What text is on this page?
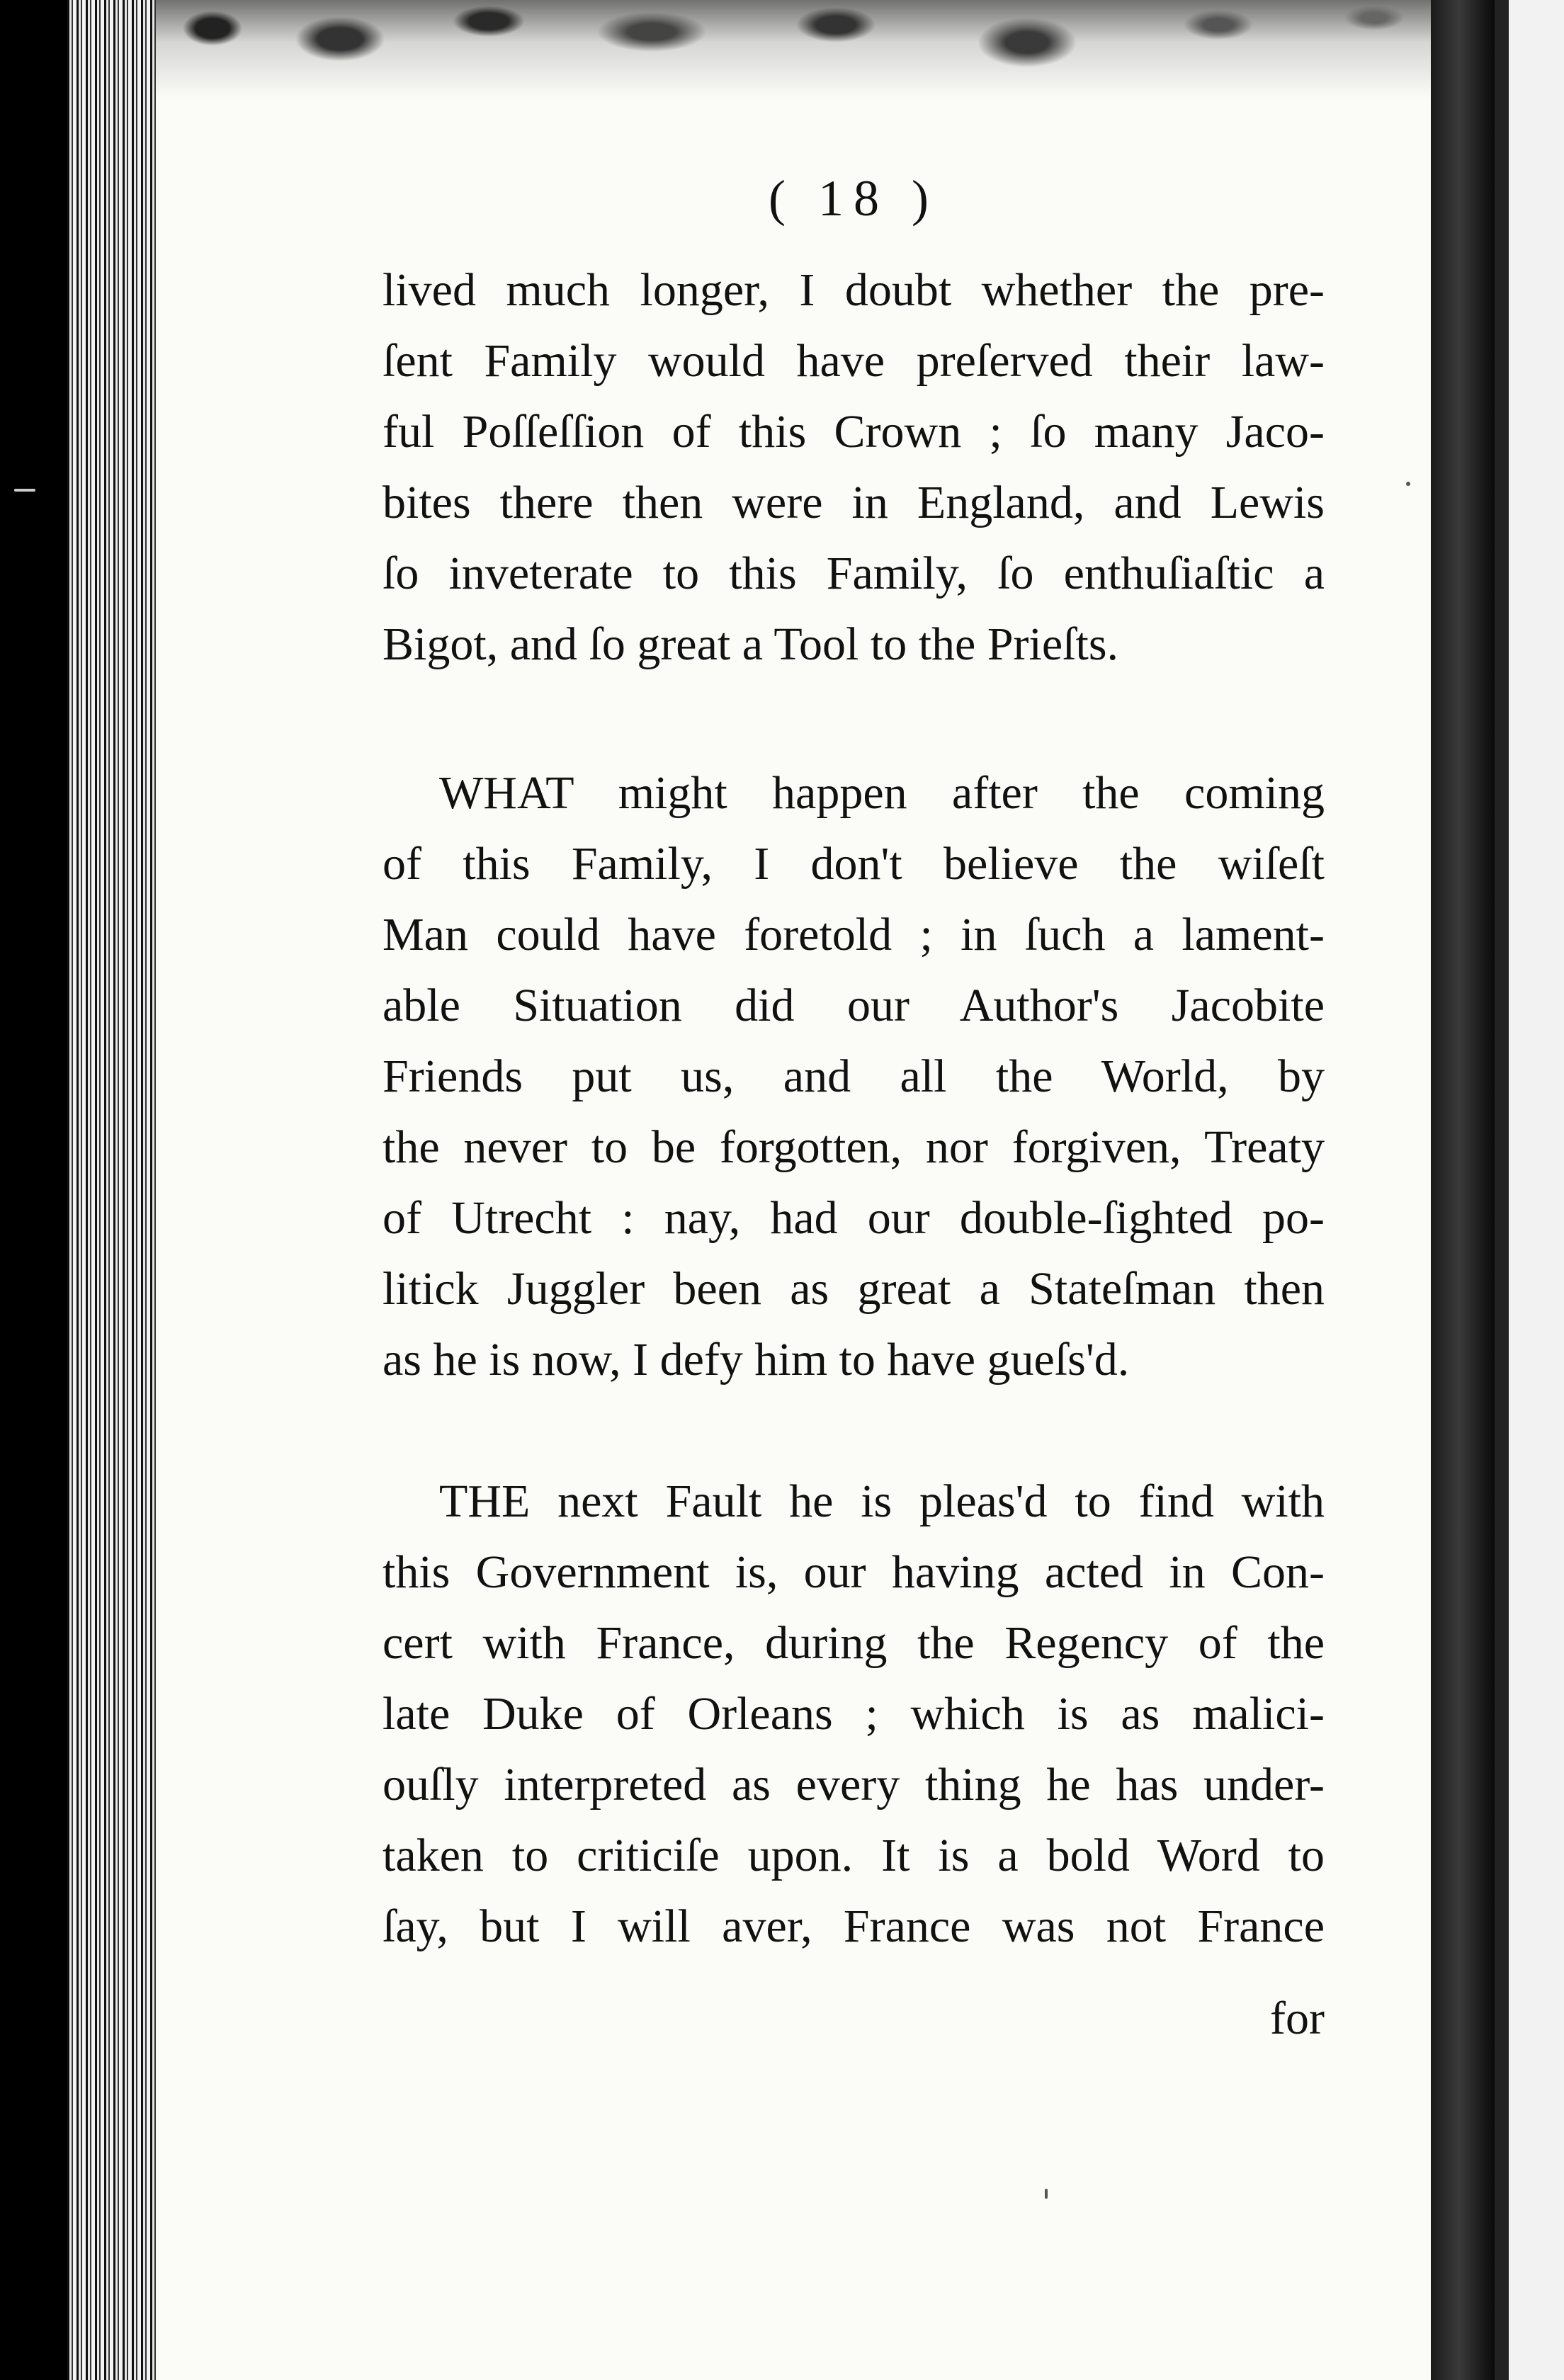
( 18 )
lived much longer, I doubt whether the pre-
ſent Family would have preſerved their law-
ful Poſſeſſion of this Crown ; ſo many Jaco-
bites there then were in England, and Lewis
ſo inveterate to this Family, ſo enthuſiaſtic a
Bigot, and ſo great a Tool to the Prieſts.
WHAT might happen after the coming
of this Family, I don't believe the wiſeſt
Man could have foretold ; in ſuch a lament-
able Situation did our Author's Jacobite
Friends put us, and all the World, by
the never to be forgotten, nor forgiven, Treaty
of Utrecht : nay, had our double-ſighted po-
litick Juggler been as great a Stateſman then
as he is now, I defy him to have gueſs'd.
THE next Fault he is pleas'd to find with
this Government is, our having acted in Con-
cert with France, during the Regency of the
late Duke of Orleans ; which is as malici-
ouſly interpreted as every thing he has under-
taken to criticiſe upon. It is a bold Word to
ſay, but I will aver, France was not France
for
